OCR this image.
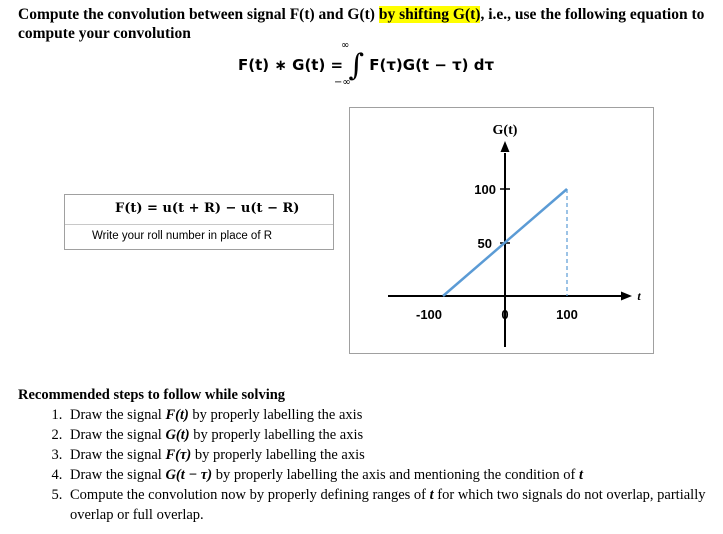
Compute the convolution between signal F(t) and G(t) by shifting G(t), i.e., use the following equation to compute your convolution
F(t) ∗ G(t) = ∫ F(τ)G(t − τ) dτ
∞
−∞
F(t) = u(t + R) − u(t − R)
Write your roll number in place of R
G(t)
100
50
-100	0	100
t
Recommended steps to follow while solving
1. Draw the signal F(t) by properly labelling the axis
2. Draw the signal G(t) by properly labelling the axis
3. Draw the signal F(τ) by properly labelling the axis
4. Draw the signal G(t − τ) by properly labelling the axis and mentioning the condition of t
5. Compute the convolution now by properly defining ranges of t for which two signals do not overlap, partially overlap or full overlap.
